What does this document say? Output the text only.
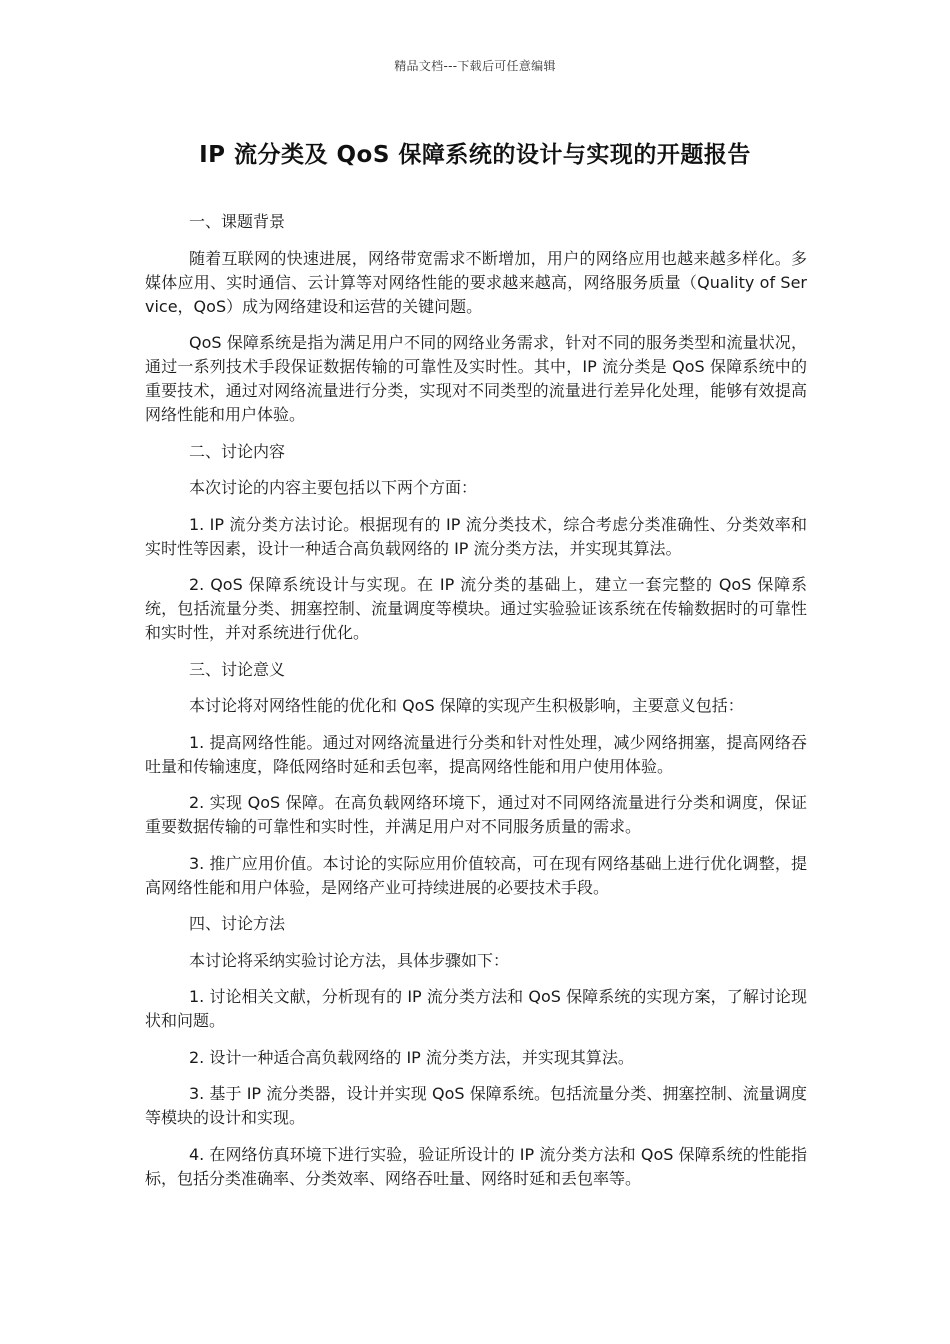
精品文档---下载后可任意编辑
IP 流分类及 QoS 保障系统的设计与实现的开题报告

一、课题背景

随着互联网的快速进展，网络带宽需求不断增加，用户的网络应用也越来越多样化。多媒体应用、实时通信、云计算等对网络性能的要求越来越高，网络服务质量（Quality of Service，QoS）成为网络建设和运营的关键问题。

QoS 保障系统是指为满足用户不同的网络业务需求，针对不同的服务类型和流量状况，通过一系列技术手段保证数据传输的可靠性及实时性。其中，IP 流分类是 QoS 保障系统中的重要技术，通过对网络流量进行分类，实现对不同类型的流量进行差异化处理，能够有效提高网络性能和用户体验。

二、讨论内容

本次讨论的内容主要包括以下两个方面：

1. IP 流分类方法讨论。根据现有的 IP 流分类技术，综合考虑分类准确性、分类效率和实时性等因素，设计一种适合高负载网络的 IP 流分类方法，并实现其算法。

2. QoS 保障系统设计与实现。在 IP 流分类的基础上，建立一套完整的 QoS 保障系统，包括流量分类、拥塞控制、流量调度等模块。通过实验验证该系统在传输数据时的可靠性和实时性，并对系统进行优化。

三、讨论意义

本讨论将对网络性能的优化和 QoS 保障的实现产生积极影响，主要意义包括：

1. 提高网络性能。通过对网络流量进行分类和针对性处理，减少网络拥塞，提高网络吞吐量和传输速度，降低网络时延和丢包率，提高网络性能和用户使用体验。

2. 实现 QoS 保障。在高负载网络环境下，通过对不同网络流量进行分类和调度，保证重要数据传输的可靠性和实时性，并满足用户对不同服务质量的需求。

3. 推广应用价值。本讨论的实际应用价值较高，可在现有网络基础上进行优化调整，提高网络性能和用户体验，是网络产业可持续进展的必要技术手段。

四、讨论方法

本讨论将采纳实验讨论方法，具体步骤如下：

1. 讨论相关文献，分析现有的 IP 流分类方法和 QoS 保障系统的实现方案，了解讨论现状和问题。

2. 设计一种适合高负载网络的 IP 流分类方法，并实现其算法。

3. 基于 IP 流分类器，设计并实现 QoS 保障系统。包括流量分类、拥塞控制、流量调度等模块的设计和实现。

4. 在网络仿真环境下进行实验，验证所设计的 IP 流分类方法和 QoS 保障系统的性能指标，包括分类准确率、分类效率、网络吞吐量、网络时延和丢包率等。
